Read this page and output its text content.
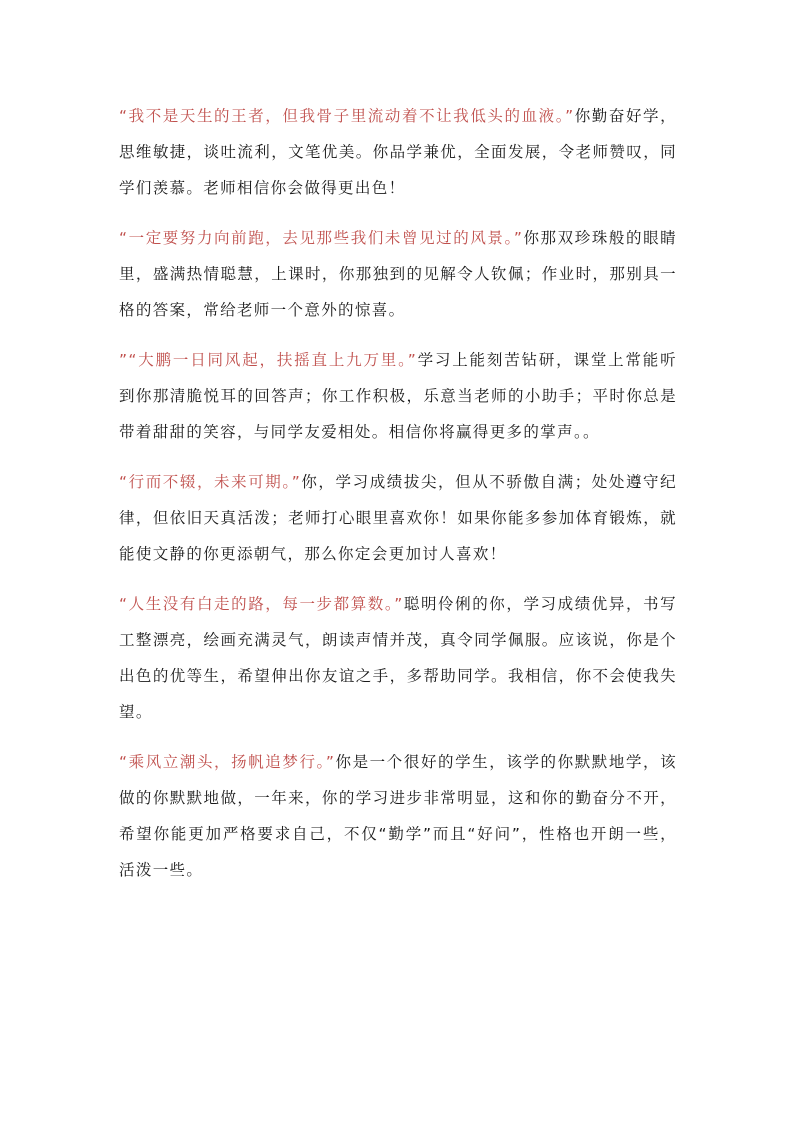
“我不是天生的王者，但我骨子里流动着不让我低头的血液。”你勤奋好学，思维敏捷，谈吐流利，文笔优美。你品学兼优，全面发展，令老师赞叹，同学们羡慕。老师相信你会做得更出色！

“一定要努力向前跑，去见那些我们未曾见过的风景。”你那双珍珠般的眼睛里，盛满热情聪慧，上课时，你那独到的见解令人钦佩；作业时，那别具一格的答案，常给老师一个意外的惊喜。

”“大鹏一日同风起，扶摇直上九万里。”学习上能刻苦钻研，课堂上常能听到你那清脆悦耳的回答声；你工作积极，乐意当老师的小助手；平时你总是带着甜甜的笑容，与同学友爱相处。相信你将赢得更多的掌声。。

“行而不辍，未来可期。”你，学习成绩拔尖，但从不骄傲自满；处处遵守纪律，但依旧天真活泼；老师打心眼里喜欢你！如果你能多参加体育锻炼，就能使文静的你更添朝气，那么你定会更加讨人喜欢！

“人生没有白走的路，每一步都算数。”聪明伶俐的你，学习成绩优异，书写工整漂亮，绘画充满灵气，朗读声情并茂，真令同学佩服。应该说，你是个出色的优等生，希望伸出你友谊之手，多帮助同学。我相信，你不会使我失望。

“乘风立潮头，扬帆追梦行。”你是一个很好的学生，该学的你默默地学，该做的你默默地做，一年来，你的学习进步非常明显，这和你的勤奋分不开，希望你能更加严格要求自己，不仅“勤学”而且“好问”，性格也开朗一些，活泼一些。
